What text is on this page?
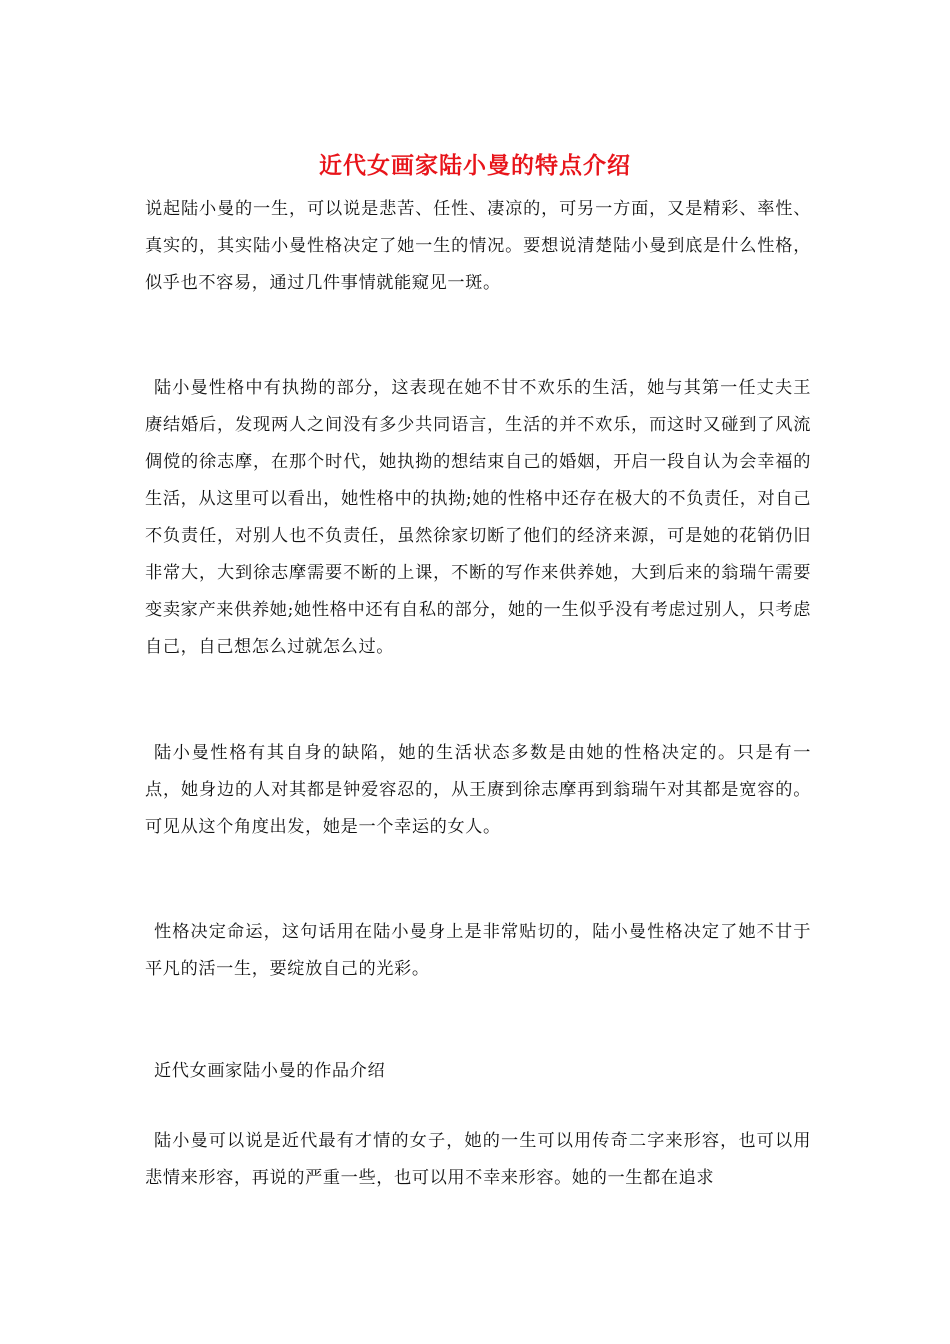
近代女画家陆小曼的特点介绍

说起陆小曼的一生，可以说是悲苦、任性、凄凉的，可另一方面，又是精彩、率性、真实的，其实陆小曼性格决定了她一生的情况。要想说清楚陆小曼到底是什么性格，似乎也不容易，通过几件事情就能窥见一斑。

陆小曼性格中有执拗的部分，这表现在她不甘不欢乐的生活，她与其第一任丈夫王赓结婚后，发现两人之间没有多少共同语言，生活的并不欢乐，而这时又碰到了风流倜傥的徐志摩，在那个时代，她执拗的想结束自己的婚姻，开启一段自认为会幸福的生活，从这里可以看出，她性格中的执拗;她的性格中还存在极大的不负责任，对自己不负责任，对别人也不负责任，虽然徐家切断了他们的经济来源，可是她的花销仍旧非常大，大到徐志摩需要不断的上课，不断的写作来供养她，大到后来的翁瑞午需要变卖家产来供养她;她性格中还有自私的部分，她的一生似乎没有考虑过别人，只考虑自己，自己想怎么过就怎么过。

陆小曼性格有其自身的缺陷，她的生活状态多数是由她的性格决定的。只是有一点，她身边的人对其都是钟爱容忍的，从王赓到徐志摩再到翁瑞午对其都是宽容的。可见从这个角度出发，她是一个幸运的女人。

性格决定命运，这句话用在陆小曼身上是非常贴切的，陆小曼性格决定了她不甘于平凡的活一生，要绽放自己的光彩。

近代女画家陆小曼的作品介绍

陆小曼可以说是近代最有才情的女子，她的一生可以用传奇二字来形容，也可以用悲情来形容，再说的严重一些，也可以用不幸来形容。她的一生都在追求
